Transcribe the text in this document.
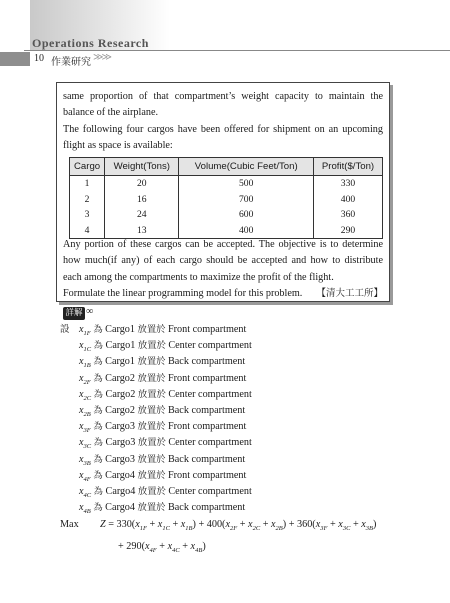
Operations Research
10 作業研究 ≫≫
same proportion of that compartment’s weight capacity to maintain the balance of the airplane.
The following four cargos have been offered for shipment on an upcoming flight as space is available:
Cargo	Weight(Tons)	Volume(Cubic Feet/Ton)	Profit($/Ton)
1	20	500	330
2	16	700	400
3	24	600	360
4	13	400	290
Any portion of these cargos can be accepted. The objective is to determine how much(if any) of each cargo should be accepted and how to distribute each among the compartments to maximize the profit of the flight.
Formulate the linear programming model for this problem. 【清大工工所】
詳解 ∞
設 $x_{1F}$ 為 Cargo1 放置於 Front compartment
$x_{1C}$ 為 Cargo1 放置於 Center compartment
$x_{1B}$ 為 Cargo1 放置於 Back compartment
$x_{2F}$ 為 Cargo2 放置於 Front compartment
$x_{2C}$ 為 Cargo2 放置於 Center compartment
$x_{2B}$ 為 Cargo2 放置於 Back compartment
$x_{3F}$ 為 Cargo3 放置於 Front compartment
$x_{3C}$ 為 Cargo3 放置於 Center compartment
$x_{3B}$ 為 Cargo3 放置於 Back compartment
$x_{4F}$ 為 Cargo4 放置於 Front compartment
$x_{4C}$ 為 Cargo4 放置於 Center compartment
$x_{4B}$ 為 Cargo4 放置於 Back compartment
Max $Z = 330(x_{1F} + x_{1C} + x_{1B}) + 400(x_{2F} + x_{2C} + x_{2B}) + 360(x_{3F} + x_{3C} + x_{3B})$
+ $290(x_{4F} + x_{4C} + x_{4B})$
